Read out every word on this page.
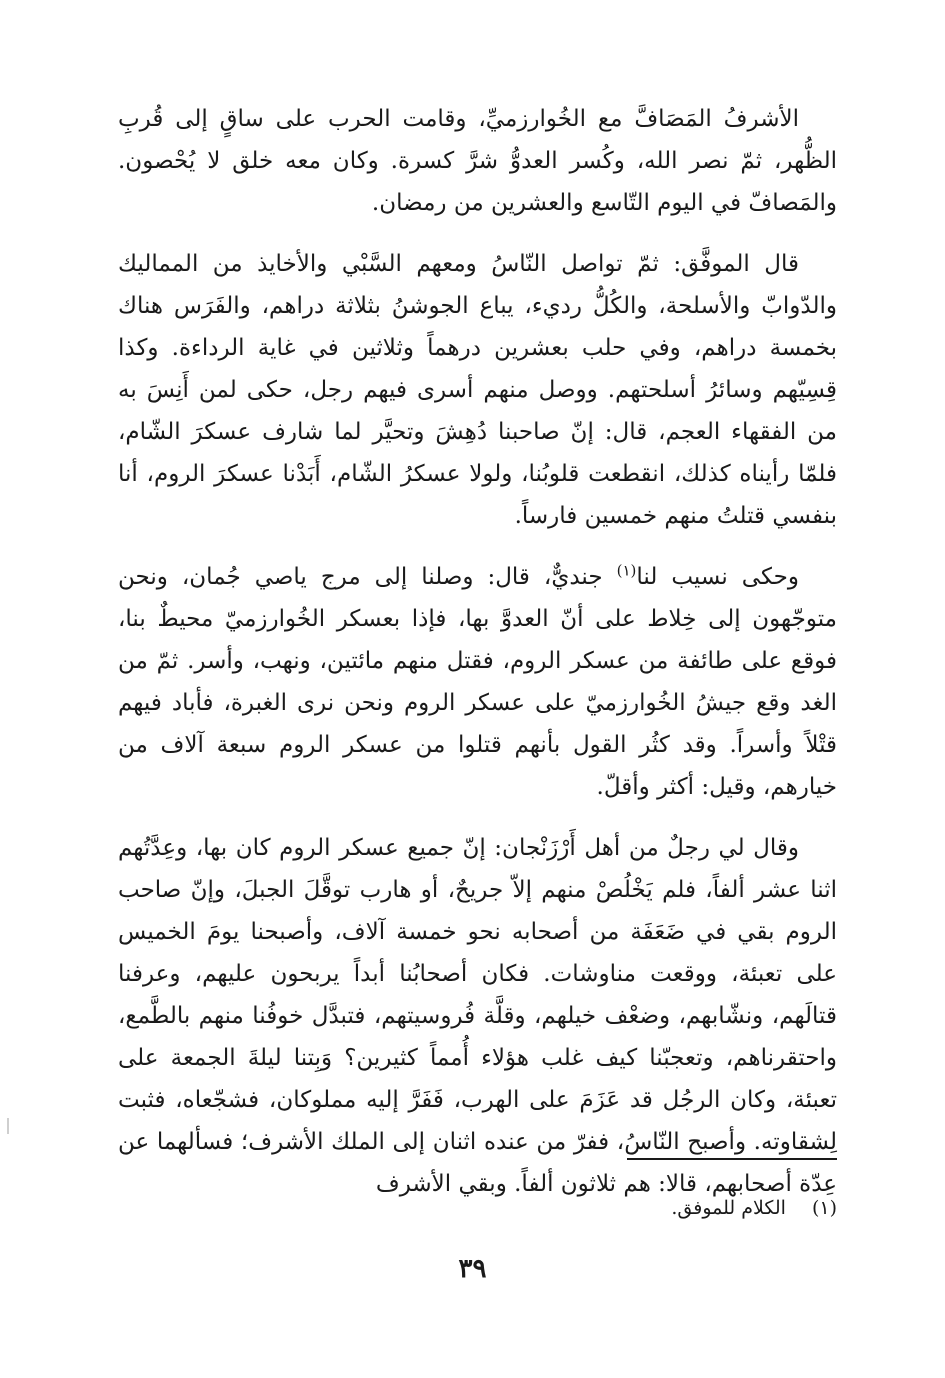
الأشرفُ المَصَافَّ مع الخُوارزميِّ، وقامت الحرب على ساقٍ إلى قُربِ الظُّهر، ثمّ نصر الله، وكُسر العدوُّ شرَّ كسرة. وكان معه خلق لا يُحْصون. والمَصافّ في اليوم التّاسع والعشرين من رمضان.

قال الموفَّق: ثمّ تواصل النّاسُ ومعهم السَّبْي والأخايذ من المماليك والدّوابّ والأسلحة، والكُلُّ رديء، يباع الجوشنُ بثلاثة دراهم، والفَرَس هناك بخمسة دراهم، وفي حلب بعشرين درهماً وثلاثين في غاية الرداءة. وكذا قِسِيّهم وسائرُ أسلحتهم. ووصل منهم أسرى فيهم رجل، حكى لمن أَنِسَ به من الفقهاء العجم، قال: إنّ صاحبنا دُهِشَ وتحيَّر لما شارف عسكرَ الشّام، فلمّا رأيناه كذلك، انقطعت قلوبُنا، ولولا عسكرُ الشّام، أَبَدْنا عسكرَ الروم، أنا بنفسي قتلتُ منهم خمسين فارساً.

وحكى نسيب لنا$^{(١)}$ جنديٌّ، قال: وصلنا إلى مرج ياصي جُمان، ونحن متوجّهون إلى خِلاط على أنّ العدوَّ بها، فإذا بعسكر الخُوارزميّ محيطٌ بنا، فوقع على طائفة من عسكر الروم، فقتل منهم مائتين، ونهب، وأسر. ثمّ من الغد وقع جيشُ الخُوارزميّ على عسكر الروم ونحن نرى الغبرة، فأباد فيهم قتْلاً وأسراً. وقد كثُر القول بأنهم قتلوا من عسكر الروم سبعة آلاف من خيارهم، وقيل: أكثر وأقلّ.

وقال لي رجلٌ من أهل أَرْزَنْجان: إنّ جميع عسكر الروم كان بها، وعِدَّتُهم اثنا عشر ألفاً، فلم يَخْلُصْ منهم إلاّ جريحٌ، أو هارب توقَّلَ الجبلَ، وإنّ صاحب الروم بقي في ضَعَفَة من أصحابه نحو خمسة آلاف، وأصبحنا يومَ الخميس على تعبئة، ووقعت مناوشات. فكان أصحابُنا أبداً يربحون عليهم، وعرفنا قتالَهم، ونشّابهم، وضعْف خيلهم، وقلَّة فُروسيتهم، فتبدَّل خوفُنا منهم بالطَّمع، واحتقرناهم، وتعجبّنا كيف غلب هؤلاء أُمماً كثيرين؟ وَبِتنا ليلةَ الجمعة على تعبئة، وكان الرجُل قد عَزَمَ على الهرب، فَفَرَّ إليه مملوكان، فشجّعاه، فثبت لِشقاوته. وأصبح النّاسُ، ففرّ من عنده اثنان إلى الملك الأشرف؛ فسألهما عن عِدّة أصحابهم، قالا: هم ثلاثون ألفاً. وبقي الأشرف

(١)الكلام للموفق.
٣٩
